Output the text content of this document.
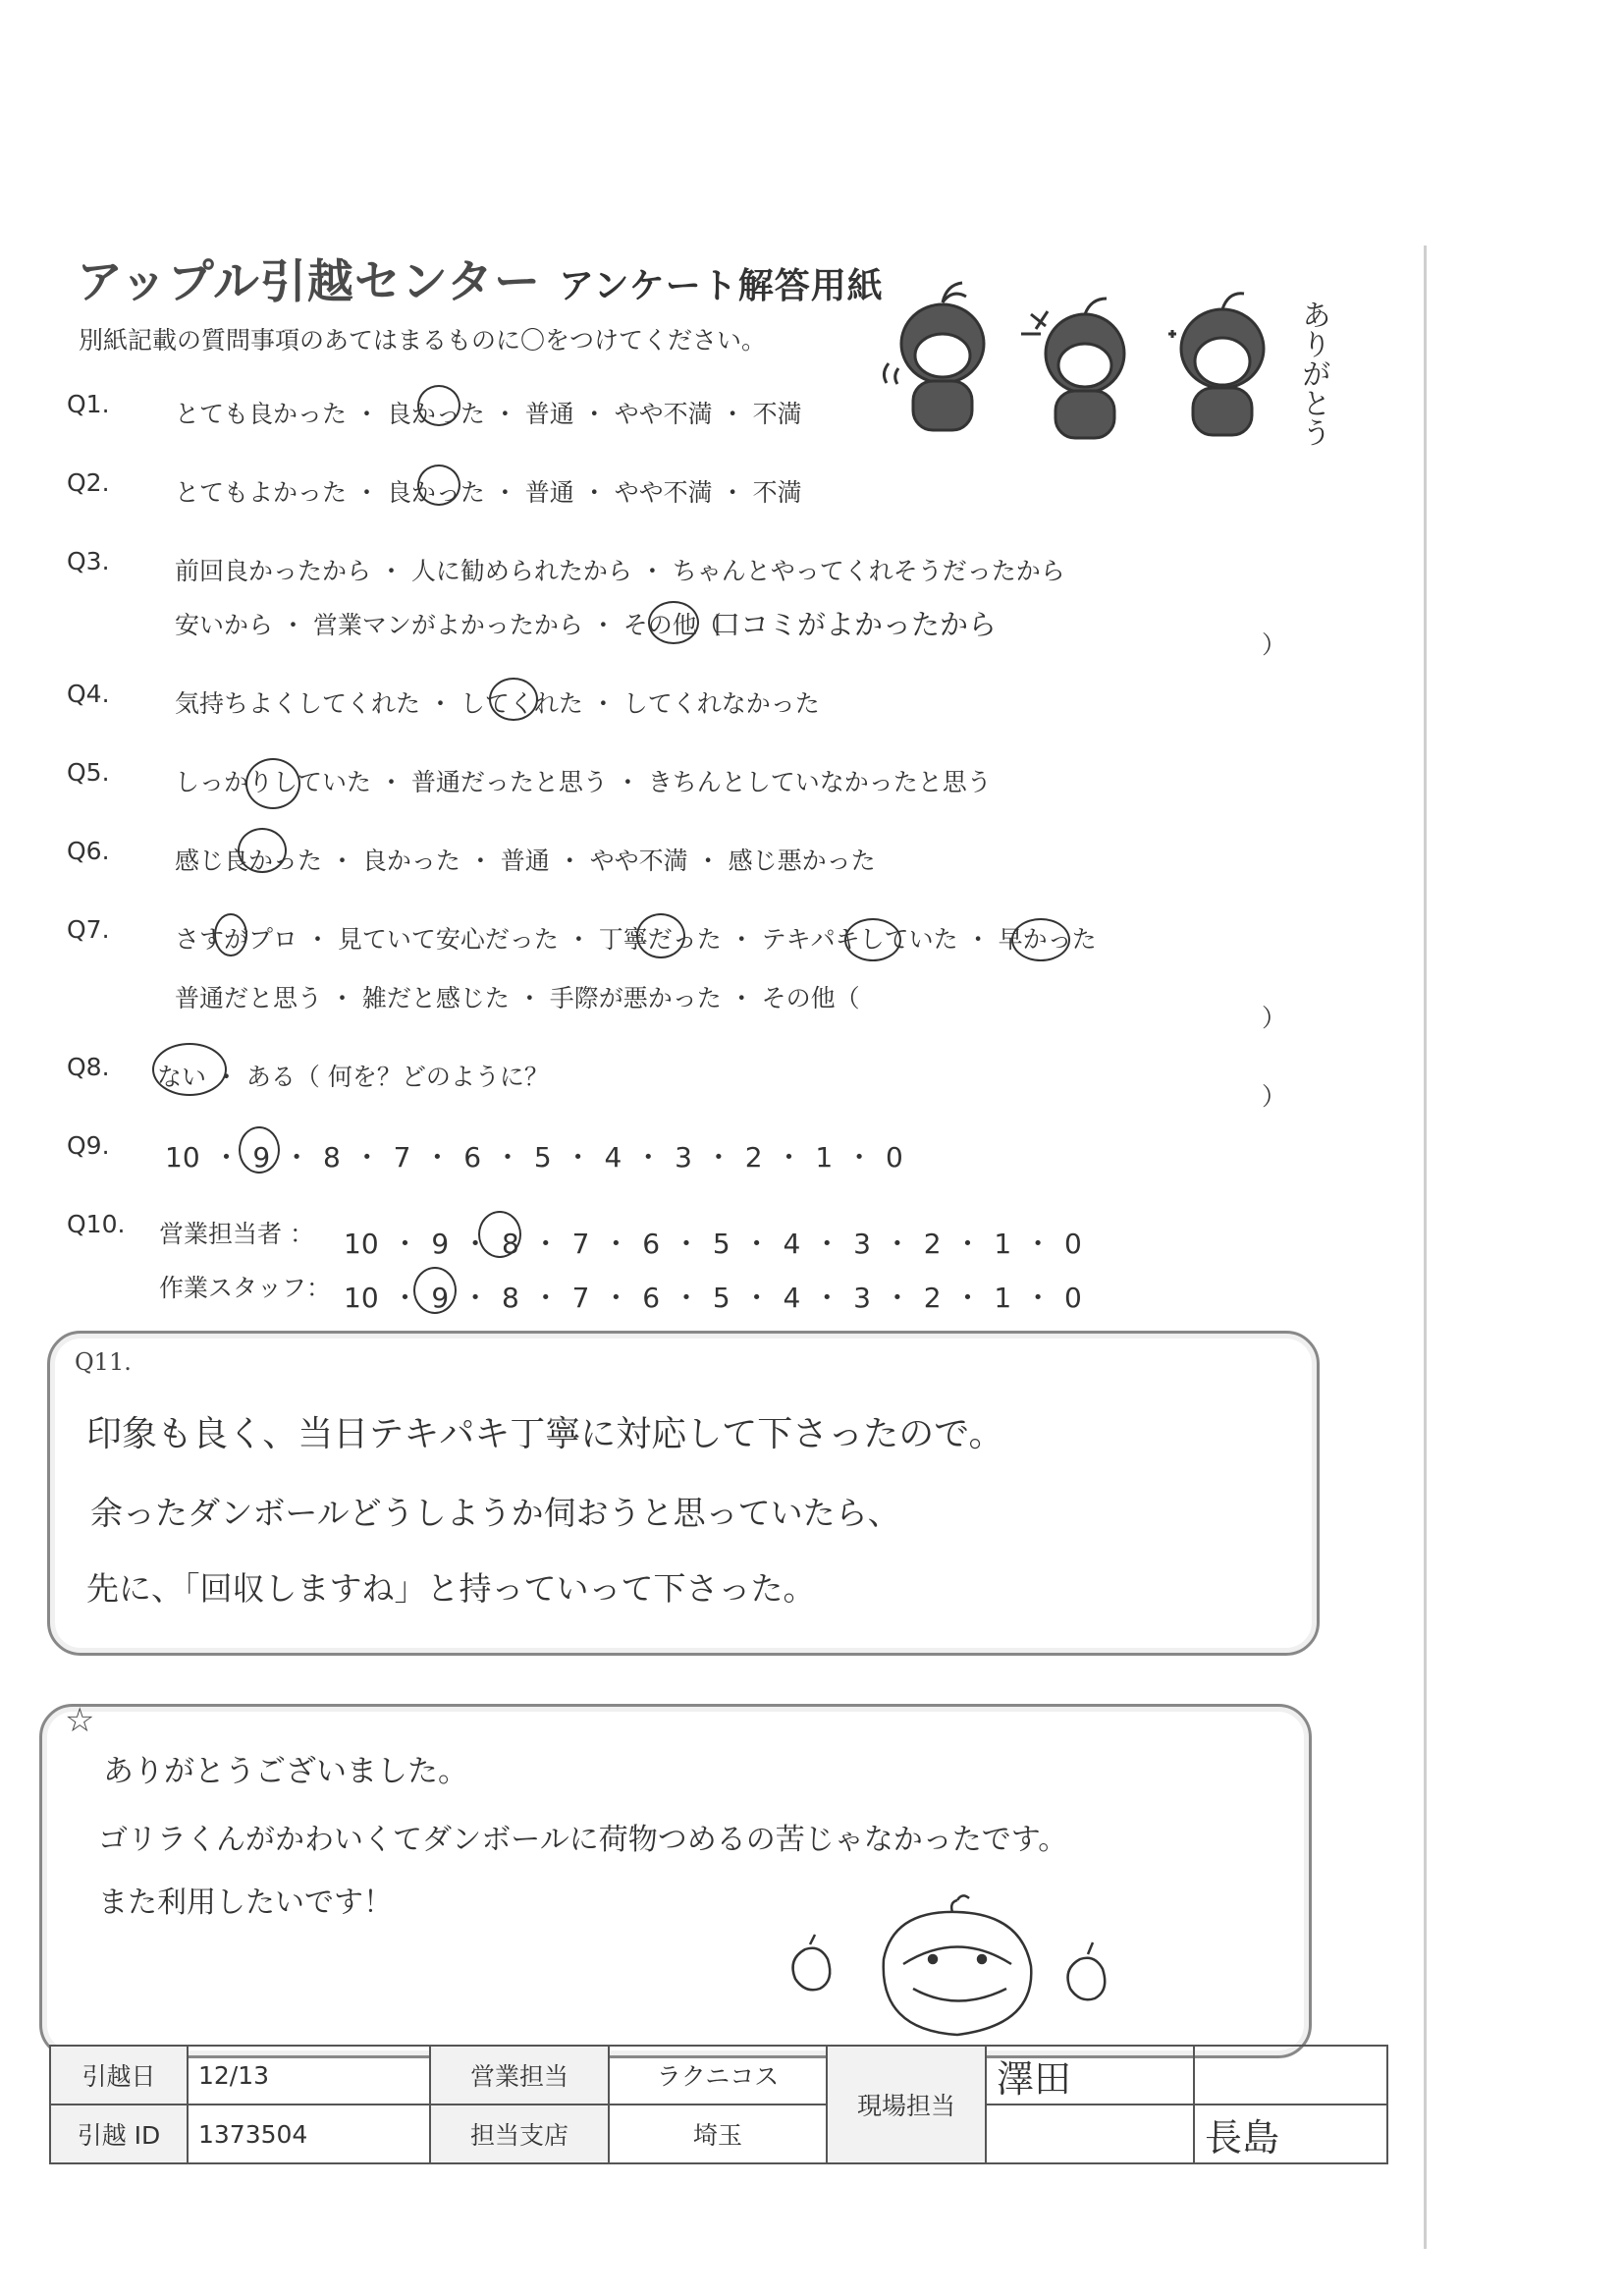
アップル引越センター アンケート解答用紙
別紙記載の質問事項のあてはまるものに〇をつけてください。	ありがとう
Q1.	とても良かった ・ 良かった ・ 普通 ・ やや不満 ・ 不満
Q2.	とてもよかった ・ 良かった ・ 普通 ・ やや不満 ・ 不満
Q3.	前回良かったから ・ 人に勧められたから ・ ちゃんとやってくれそうだったから
安いから ・ 営業マンがよかったから ・ その他（
口コミがよかったから
）
Q4.	気持ちよくしてくれた ・ してくれた ・ してくれなかった
Q5.	しっかりしていた ・ 普通だったと思う ・ きちんとしていなかったと思う
Q6.	感じ良かった ・ 良かった ・ 普通 ・ やや不満 ・ 感じ悪かった
Q7.	さすがプロ ・ 見ていて安心だった ・ 丁寧だった ・ テキパキしていた ・ 早かった
普通だと思う ・ 雑だと感じた ・ 手際が悪かった ・ その他（
）
Q8. ない ・ ある（ 何を？どのように？
）
Q9. 10 ・ 9 ・ 8 ・ 7 ・ 6 ・ 5 ・ 4 ・ 3 ・ 2 ・ 1 ・ 0
Q10. 営業担当者 ： 10 ・ 9 ・ 8 ・ 7 ・ 6 ・ 5 ・ 4 ・ 3 ・ 2 ・ 1 ・ 0
作業スタッフ： 10 ・ 9 ・ 8 ・ 7 ・ 6 ・ 5 ・ 4 ・ 3 ・ 2 ・ 1 ・ 0
Q11.
印象も良く、当日テキパキ丁寧に対応して下さったので。
余ったダンボールどうしようか伺おうと思っていたら、
先に、「回収しますね」と持っていって下さった。
☆
ありがとうございました。
ゴリラくんがかわいくてダンボールに荷物つめるの苦じゃなかったです。
また利用したいです！
引越日	12/13	営業担当	ラクニコス	現場担当	澤田	
引越 ID	1373504	担当支店	埼玉			長島
